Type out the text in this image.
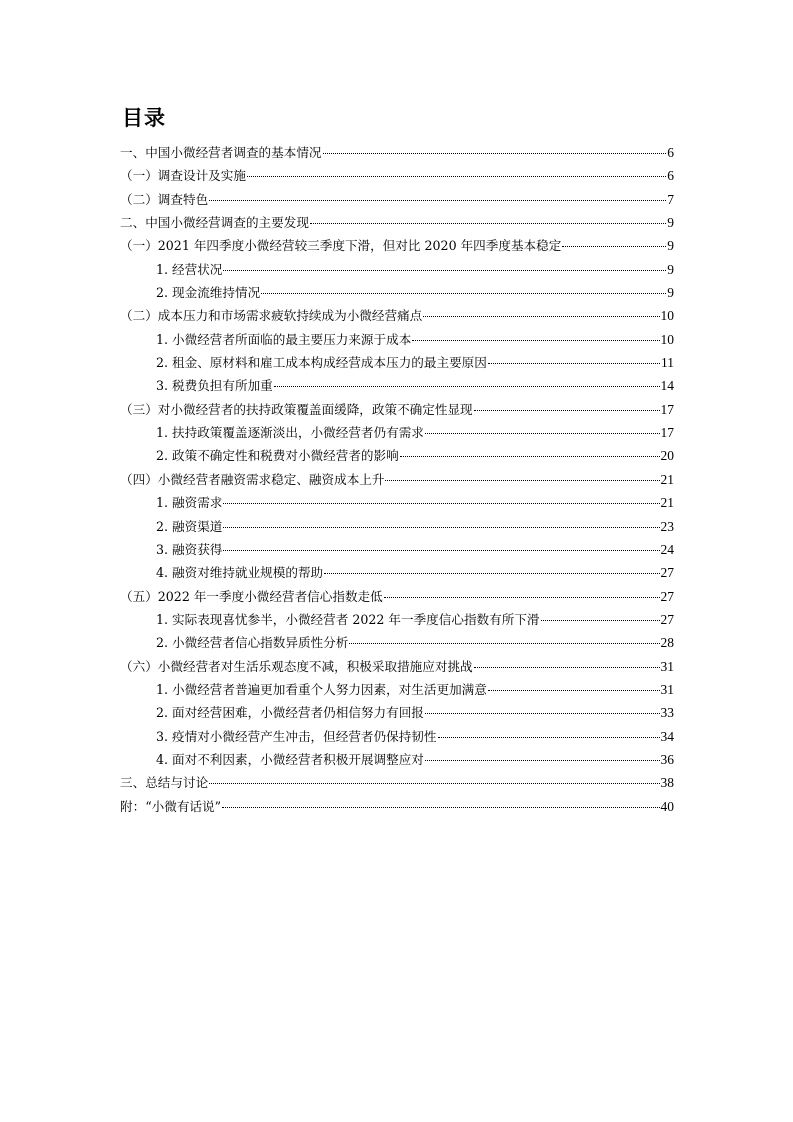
目录
一、中国小微经营者调查的基本情况	6
（一）调查设计及实施	6
（二）调查特色	7
二、中国小微经营调查的主要发现	9
（一）2021 年四季度小微经营较三季度下滑，但对比 2020 年四季度基本稳定	9
1. 经营状况	9
2. 现金流维持情况	9
（二）成本压力和市场需求疲软持续成为小微经营痛点	10
1. 小微经营者所面临的最主要压力来源于成本	10
2. 租金、原材料和雇工成本构成经营成本压力的最主要原因	11
3. 税费负担有所加重	14
（三）对小微经营者的扶持政策覆盖面缓降，政策不确定性显现	17
1. 扶持政策覆盖逐渐淡出，小微经营者仍有需求	17
2. 政策不确定性和税费对小微经营者的影响	20
（四）小微经营者融资需求稳定、融资成本上升	21
1. 融资需求	21
2. 融资渠道	23
3. 融资获得	24
4. 融资对维持就业规模的帮助	27
（五）2022 年一季度小微经营者信心指数走低	27
1. 实际表现喜忧参半，小微经营者 2022 年一季度信心指数有所下滑	27
2. 小微经营者信心指数异质性分析	28
（六）小微经营者对生活乐观态度不减，积极采取措施应对挑战	31
1. 小微经营者普遍更加看重个人努力因素，对生活更加满意	31
2. 面对经营困难，小微经营者仍相信努力有回报	33
3. 疫情对小微经营产生冲击，但经营者仍保持韧性	34
4. 面对不利因素，小微经营者积极开展调整应对	36
三、总结与讨论	38
附：“小微有话说”	40
